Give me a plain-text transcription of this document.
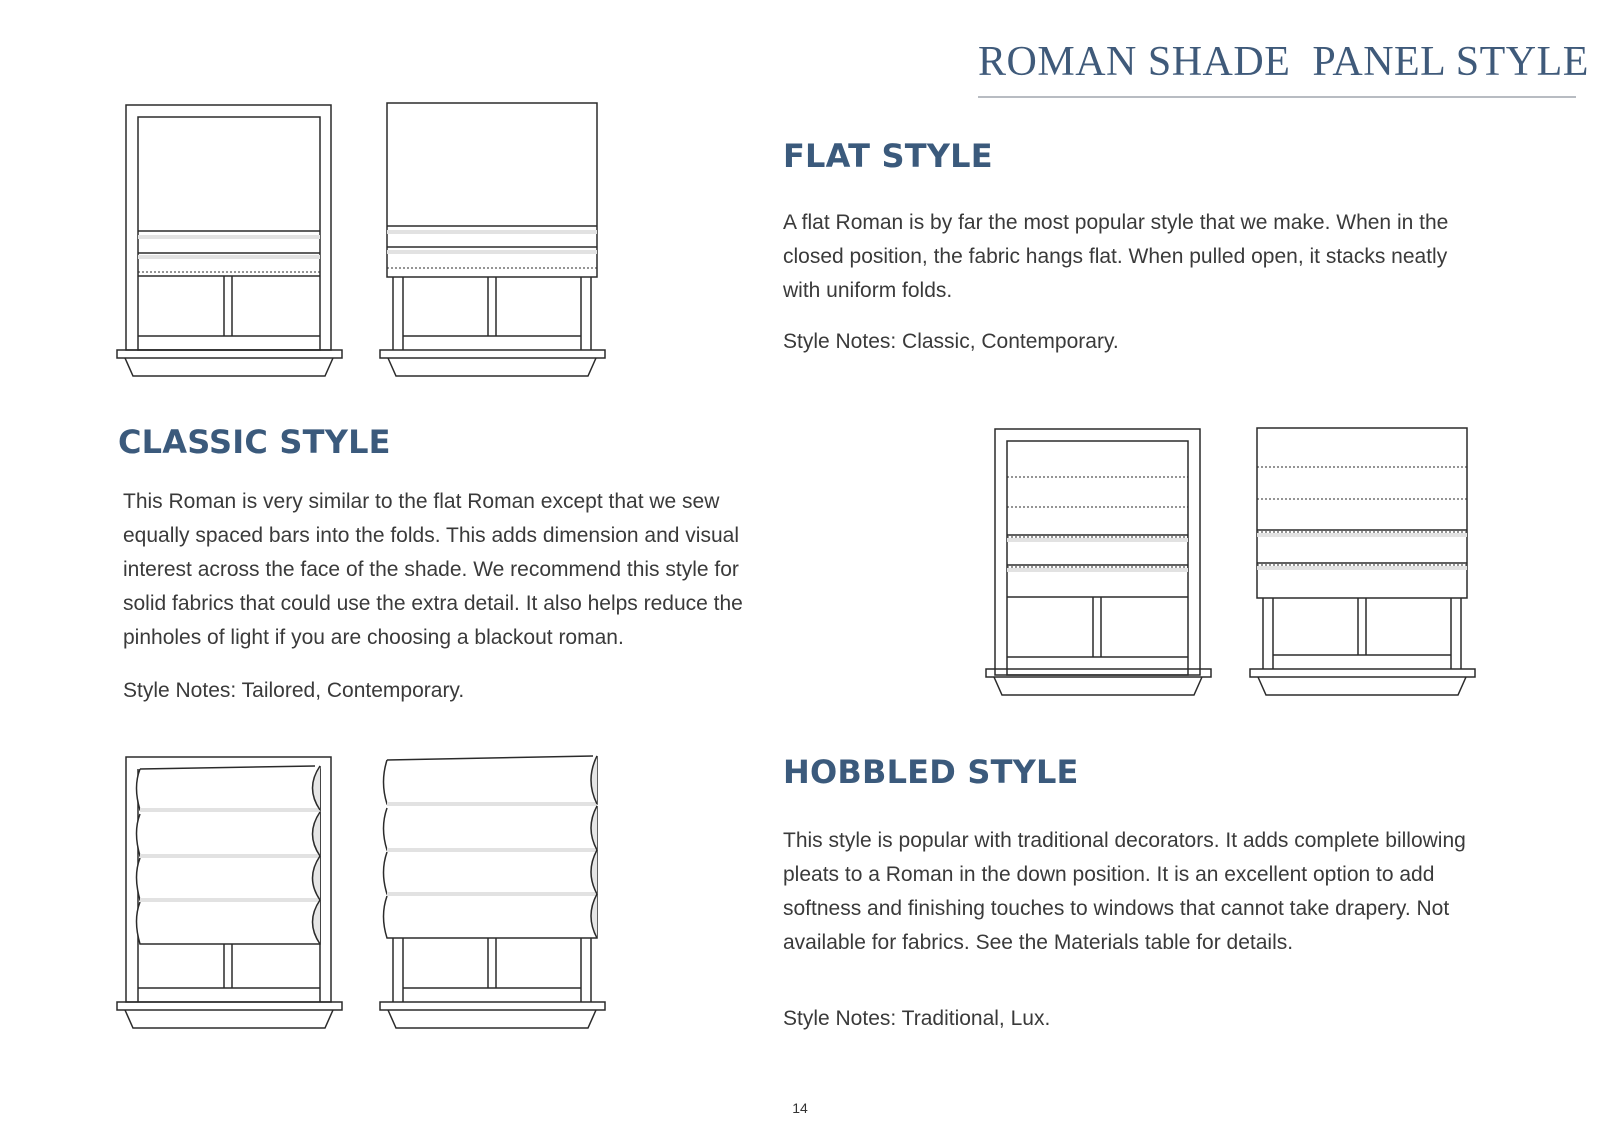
ROMAN SHADE  PANEL STYLE
FLAT STYLE

A flat Roman is by far the most popular style that we make. When in the closed position, the fabric hangs flat. When pulled open, it stacks neatly with uniform folds.

Style Notes: Classic, Contemporary.

CLASSIC STYLE

This Roman is very similar to the flat Roman except that we sew equally spaced bars into the folds. This adds dimension and visual interest across the face of the shade. We recommend this style for solid fabrics that could use the extra detail. It also helps reduce the pinholes of light if you are choosing a blackout roman.

Style Notes: Tailored, Contemporary.

HOBBLED STYLE

This style is popular with traditional decorators. It adds complete billowing pleats to a Roman in the down position. It is an excellent option to add softness and finishing touches to windows that cannot take drapery. Not available for fabrics. See the Materials table for details.

Style Notes: Traditional, Lux.

14
